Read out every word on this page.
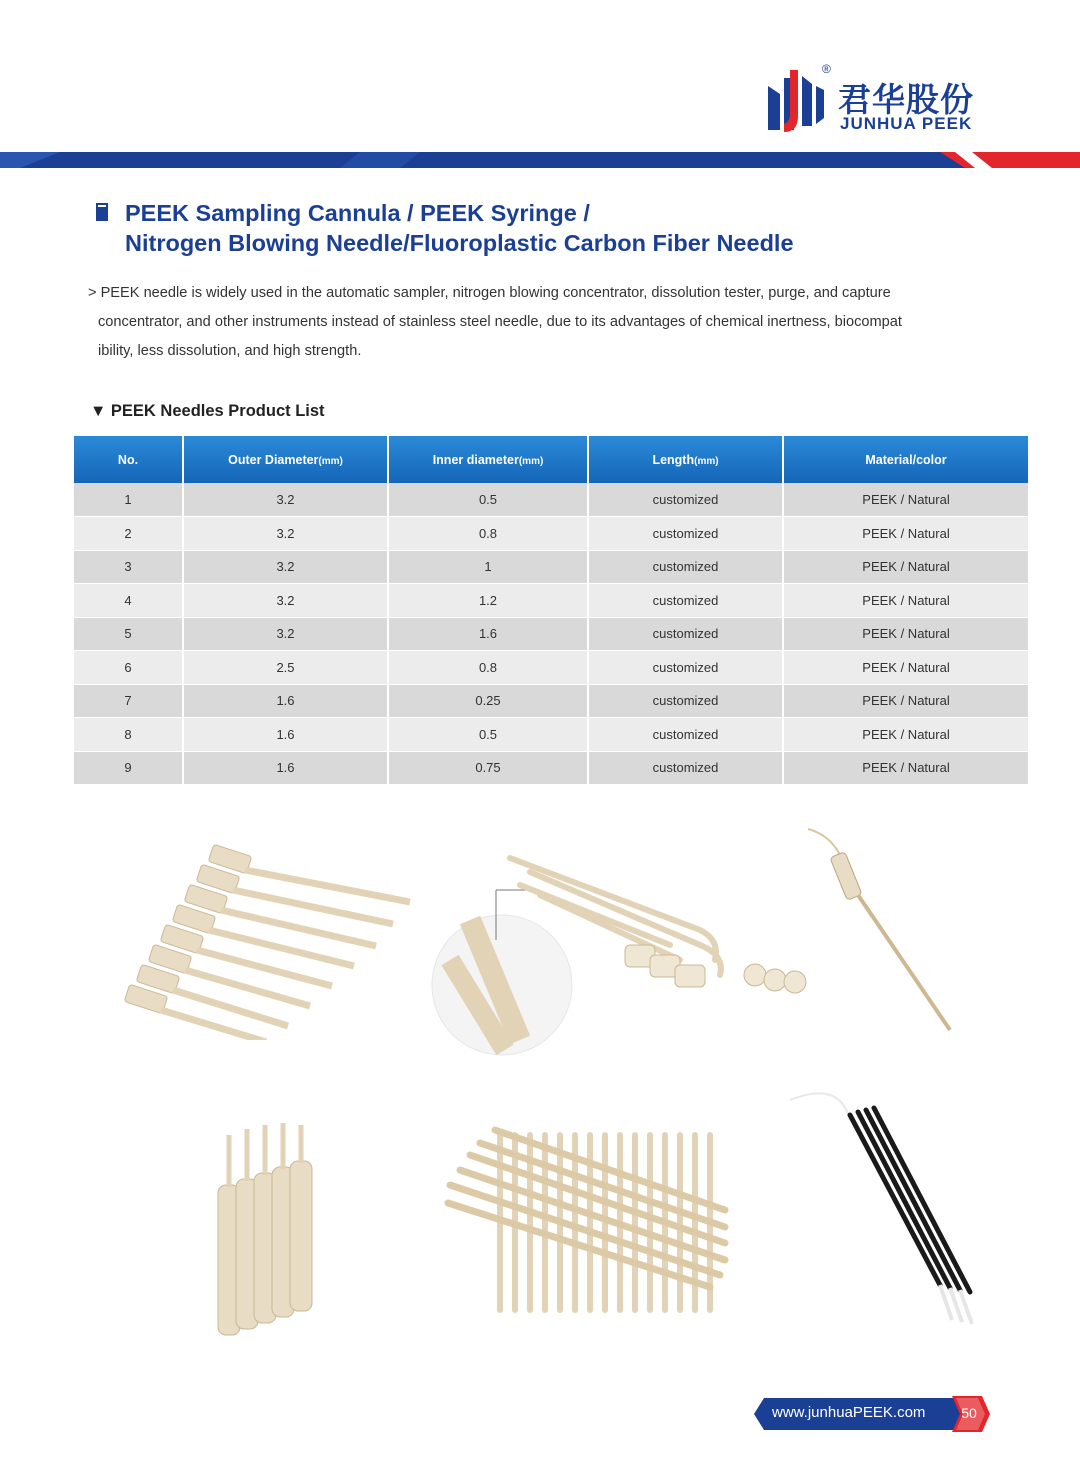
®
君华股份
JUNHUA PEEK
PEEK Sampling Cannula / PEEK Syringe /
Nitrogen Blowing Needle/Fluoroplastic Carbon Fiber Needle

> PEEK needle is widely used in the automatic sampler, nitrogen blowing concentrator, dissolution tester, purge, and capture
concentrator, and other instruments instead of stainless steel needle, due to its advantages of chemical inertness, biocompat
ibility, less dissolution, and high strength.

▼ PEEK Needles Product List
No.	Outer Diameter(mm)	Inner diameter(mm)	Length(mm)	Material/color
1	3.2	0.5	customized	PEEK / Natural
2	3.2	0.8	customized	PEEK / Natural
3	3.2	1	customized	PEEK / Natural
4	3.2	1.2	customized	PEEK / Natural
5	3.2	1.6	customized	PEEK / Natural
6	2.5	0.8	customized	PEEK / Natural
7	1.6	0.25	customized	PEEK / Natural
8	1.6	0.5	customized	PEEK / Natural
9	1.6	0.75	customized	PEEK / Natural
www.junhuaPEEK.com	50
